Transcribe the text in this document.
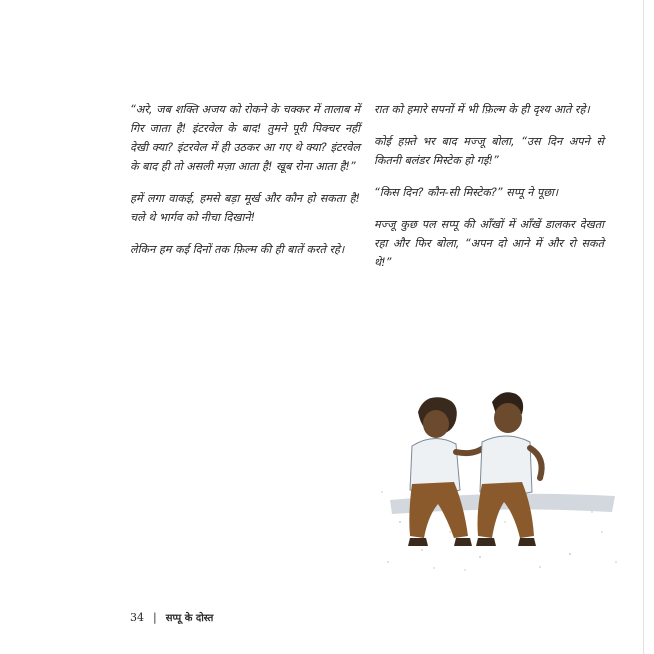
“अरे, जब शक्ति अजय को रोकने के चक्कर में तालाब में गिर जाता है! इंटरवेल के बाद! तुमने पूरी पिक्चर नहीं देखी क्या? इंटरवेल में ही उठकर आ गए थे क्या? इंटरवेल के बाद ही तो असली मज़ा आता है! खूब रोना आता है!”

हमें लगा वाकई, हमसे बड़ा मूर्ख और कौन हो सकता है! चले थे भार्गव को नीचा दिखाने!

लेकिन हम कई दिनों तक फ़िल्म की ही बातें करते रहे।

रात को हमारे सपनों में भी फ़िल्म के ही दृश्य आते रहे।

कोई हफ़्ते भर बाद मज्जू बोला, “उस दिन अपने से कितनी बलंडर मिस्टेक हो गई!”

“किस दिन? कौन-सी मिस्टेक?” सप्पू ने पूछा।

मज्जू कुछ पल सप्पू की आँखों में आँखें डालकर देखता रहा और फिर बोला, “अपन दो आने में और रो सकते थे!”

34 | सप्पू के दोस्त
